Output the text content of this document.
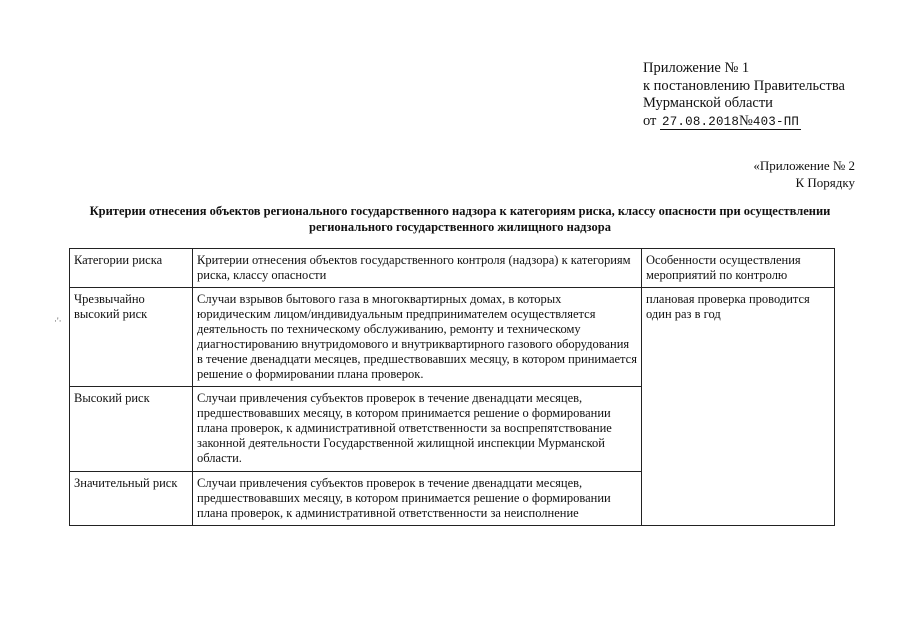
Приложение № 1
к постановлению Правительства
Мурманской области
от 27.08.2018№403-ПП
«Приложение № 2
К Порядку
Критерии отнесения объектов регионального государственного надзора к категориям риска, классу опасности при осуществлении
регионального государственного жилищного надзора
·'·
Категории риска	Критерии отнесения объектов государственного контроля (надзора) к категориям риска, классу опасности	Особенности осуществления мероприятий по контролю
Чрезвычайно высокий риск	Случаи взрывов бытового газа в многоквартирных домах, в которых юридическим лицом/индивидуальным предпринимателем осуществляется деятельность по техническому обслуживанию, ремонту и техническому диагностированию внутридомового и внутриквартирного газового оборудования в течение двенадцати месяцев, предшествовавших месяцу, в котором принимается решение о формировании плана проверок.	плановая проверка проводится один раз в год
Высокий риск	Случаи привлечения субъектов проверок в течение двенадцати месяцев, предшествовавших месяцу, в котором принимается решение о формировании плана проверок, к административной ответственности за воспрепятствование законной деятельности Государственной жилищной инспекции Мурманской области.	
Значительный риск	Случаи привлечения субъектов проверок в течение двенадцати месяцев, предшествовавших месяцу, в котором принимается решение о формировании плана проверок, к административной ответственности за неисполнение	
